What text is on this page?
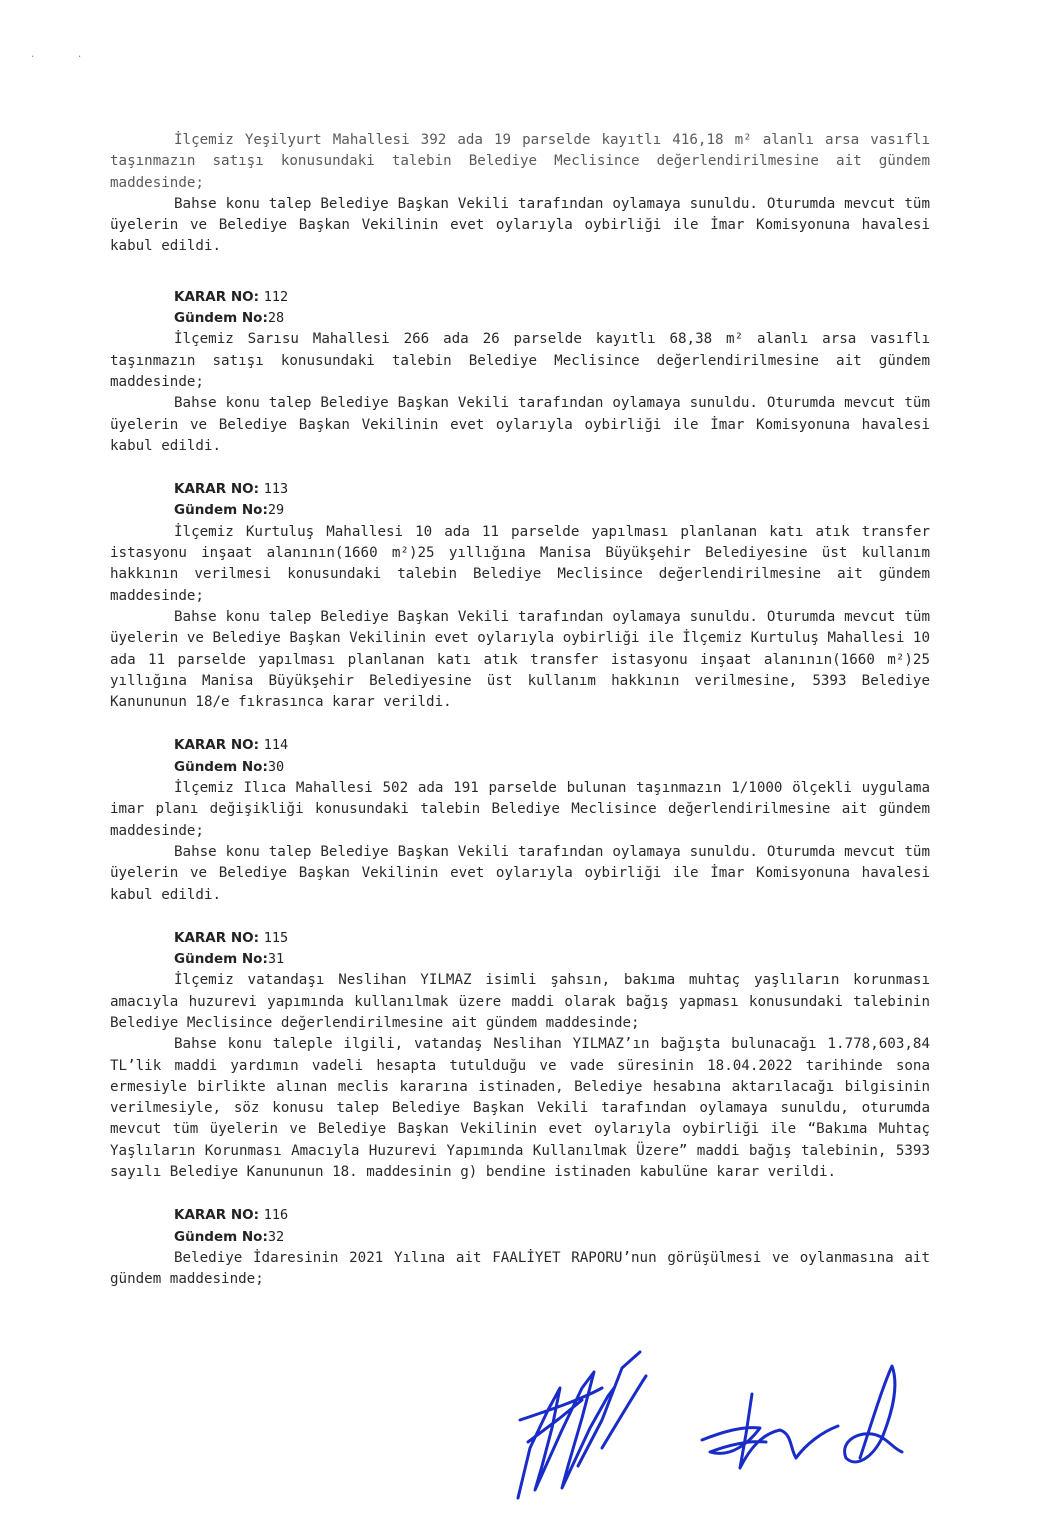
. .

İlçemiz Yeşilyurt Mahallesi 392 ada 19 parselde kayıtlı 416,18 m² alanlı arsa vasıflı taşınmazın satışı konusundaki talebin Belediye Meclisince değerlendirilmesine ait gündem maddesinde;

Bahse konu talep Belediye Başkan Vekili tarafından oylamaya sunuldu. Oturumda mevcut tüm üyelerin ve Belediye Başkan Vekilinin evet oylarıyla oybirliği ile İmar Komisyonuna havalesi kabul edildi.

KARAR NO: 112

Gündem No:28

İlçemiz Sarısu Mahallesi 266 ada 26 parselde kayıtlı 68,38 m² alanlı arsa vasıflı taşınmazın satışı konusundaki talebin Belediye Meclisince değerlendirilmesine ait gündem maddesinde;

Bahse konu talep Belediye Başkan Vekili tarafından oylamaya sunuldu. Oturumda mevcut tüm üyelerin ve Belediye Başkan Vekilinin evet oylarıyla oybirliği ile İmar Komisyonuna havalesi kabul edildi.

KARAR NO: 113

Gündem No:29

İlçemiz Kurtuluş Mahallesi 10 ada 11 parselde yapılması planlanan katı atık transfer istasyonu inşaat alanının(1660 m²)25 yıllığına Manisa Büyükşehir Belediyesine üst kullanım hakkının verilmesi konusundaki talebin Belediye Meclisince değerlendirilmesine ait gündem maddesinde;

Bahse konu talep Belediye Başkan Vekili tarafından oylamaya sunuldu. Oturumda mevcut tüm üyelerin ve Belediye Başkan Vekilinin evet oylarıyla oybirliği ile İlçemiz Kurtuluş Mahallesi 10 ada 11 parselde yapılması planlanan katı atık transfer istasyonu inşaat alanının(1660 m²)25 yıllığına Manisa Büyükşehir Belediyesine üst kullanım hakkının verilmesine, 5393 Belediye Kanununun 18/e fıkrasınca karar verildi.

KARAR NO: 114

Gündem No:30

İlçemiz Ilıca Mahallesi 502 ada 191 parselde bulunan taşınmazın 1/1000 ölçekli uygulama imar planı değişikliği konusundaki talebin Belediye Meclisince değerlendirilmesine ait gündem maddesinde;

Bahse konu talep Belediye Başkan Vekili tarafından oylamaya sunuldu. Oturumda mevcut tüm üyelerin ve Belediye Başkan Vekilinin evet oylarıyla oybirliği ile İmar Komisyonuna havalesi kabul edildi.

KARAR NO: 115

Gündem No:31

İlçemiz vatandaşı Neslihan YILMAZ isimli şahsın, bakıma muhtaç yaşlıların korunması amacıyla huzurevi yapımında kullanılmak üzere maddi olarak bağış yapması konusundaki talebinin Belediye Meclisince değerlendirilmesine ait gündem maddesinde;

Bahse konu taleple ilgili, vatandaş Neslihan YILMAZ’ın bağışta bulunacağı 1.778,603,84 TL’lik maddi yardımın vadeli hesapta tutulduğu ve vade süresinin 18.04.2022 tarihinde sona ermesiyle birlikte alınan meclis kararına istinaden, Belediye hesabına aktarılacağı bilgisinin verilmesiyle, söz konusu talep Belediye Başkan Vekili tarafından oylamaya sunuldu, oturumda mevcut tüm üyelerin ve Belediye Başkan Vekilinin evet oylarıyla oybirliği ile “Bakıma Muhtaç Yaşlıların Korunması Amacıyla Huzurevi Yapımında Kullanılmak Üzere” maddi bağış talebinin, 5393 sayılı Belediye Kanununun 18. maddesinin g) bendine istinaden kabulüne karar verildi.

KARAR NO: 116

Gündem No:32

Belediye İdaresinin 2021 Yılına ait FAALİYET RAPORU’nun görüşülmesi ve oylanmasına ait gündem maddesinde;
